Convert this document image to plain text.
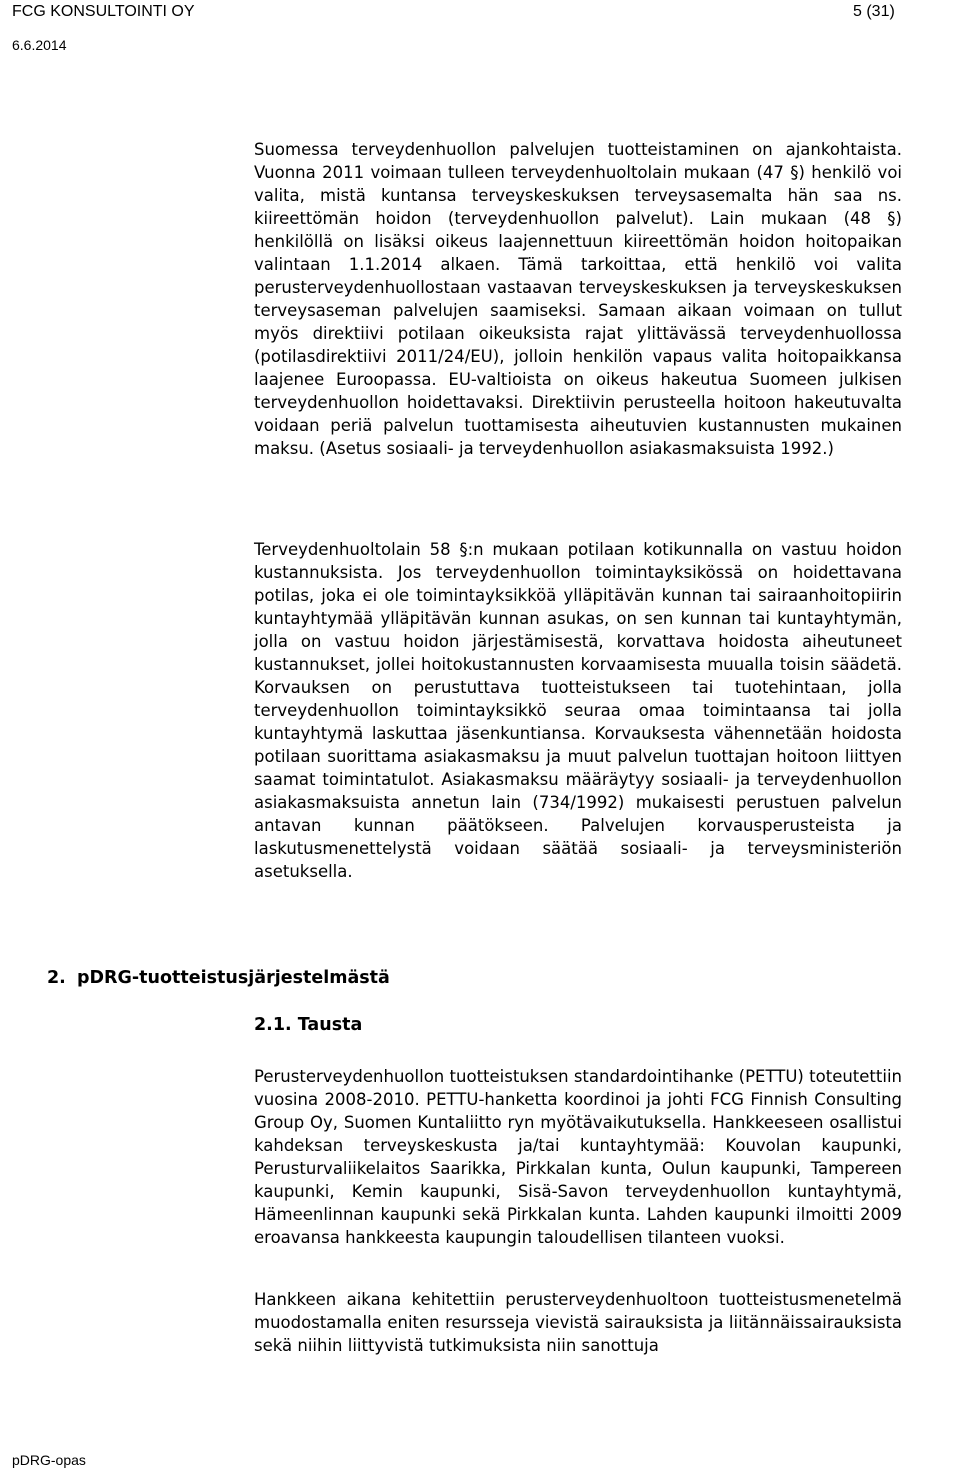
FCG KONSULTOINTI OY	5 (31)
6.6.2014

Suomessa terveydenhuollon palvelujen tuotteistaminen on ajankohtaista. Vuonna 2011 voimaan tulleen terveydenhuoltolain mukaan (47 §) henkilö voi valita, mistä kuntansa terveyskeskuksen terveysasemalta hän saa ns. kiireettömän hoidon (terveydenhuollon palvelut). Lain mukaan (48 §) henkilöllä on lisäksi oikeus laajennettuun kiireettömän hoidon hoitopaikan valintaan 1.1.2014 alkaen. Tämä tarkoittaa, että henkilö voi valita perusterveydenhuollostaan vastaavan terveyskeskuksen ja terveyskeskuksen terveysaseman palvelujen saamiseksi. Samaan aikaan voimaan on tullut myös direktiivi potilaan oikeuksista rajat ylittävässä terveydenhuollossa (potilasdirektiivi 2011/24/EU), jolloin henkilön vapaus valita hoitopaikkansa laajenee Euroopassa. EU-valtioista on oikeus hakeutua Suomeen julkisen terveydenhuollon hoidettavaksi. Direktiivin perusteella hoitoon hakeutuvalta voidaan periä palvelun tuottamisesta aiheutuvien kustannusten mukainen maksu. (Asetus sosiaali- ja terveydenhuollon asiakasmaksuista 1992.)

Terveydenhuoltolain 58 §:n mukaan potilaan kotikunnalla on vastuu hoidon kustannuksista. Jos terveydenhuollon toimintayksikössä on hoidettavana potilas, joka ei ole toimintayksikköä ylläpitävän kunnan tai sairaanhoitopiirin kuntayhtymää ylläpitävän kunnan asukas, on sen kunnan tai kuntayhtymän, jolla on vastuu hoidon järjestämisestä, korvattava hoidosta aiheutuneet kustannukset, jollei hoitokustannusten korvaamisesta muualla toisin säädetä. Korvauksen on perustuttava tuotteistukseen tai tuotehintaan, jolla terveydenhuollon toimintayksikkö seuraa omaa toimintaansa tai jolla kuntayhtymä laskuttaa jäsenkuntiansa. Korvauksesta vähennetään hoidosta potilaan suorittama asiakasmaksu ja muut palvelun tuottajan hoitoon liittyen saamat toimintatulot. Asiakasmaksu määräytyy sosiaali- ja terveydenhuollon asiakasmaksuista annetun lain (734/1992) mukaisesti perustuen palvelun antavan kunnan päätökseen. Palvelujen korvausperusteista ja laskutusmenettelystä voidaan säätää sosiaali- ja terveysministeriön asetuksella.

2. pDRG-tuotteistusjärjestelmästä
2.1. Tausta

Perusterveydenhuollon tuotteistuksen standardointihanke (PETTU) toteutettiin vuosina 2008-2010. PETTU-hanketta koordinoi ja johti FCG Finnish Consulting Group Oy, Suomen Kuntaliitto ryn myötävaikutuksella. Hankkeeseen osallistui kahdeksan terveyskeskusta ja/tai kuntayhtymää: Kouvolan kaupunki, Perusturvaliikelaitos Saarikka, Pirkkalan kunta, Oulun kaupunki, Tampereen kaupunki, Kemin kaupunki, Sisä-Savon terveydenhuollon kuntayhtymä, Hämeenlinnan kaupunki sekä Pirkkalan kunta. Lahden kaupunki ilmoitti 2009 eroavansa hankkeesta kaupungin taloudellisen tilanteen vuoksi.

Hankkeen aikana kehitettiin perusterveydenhuoltoon tuotteistusmenetelmä muodostamalla eniten resursseja vievistä sairauksista ja liitännäissairauksista sekä niihin liittyvistä tutkimuksista niin sanottuja

pDRG-opas
